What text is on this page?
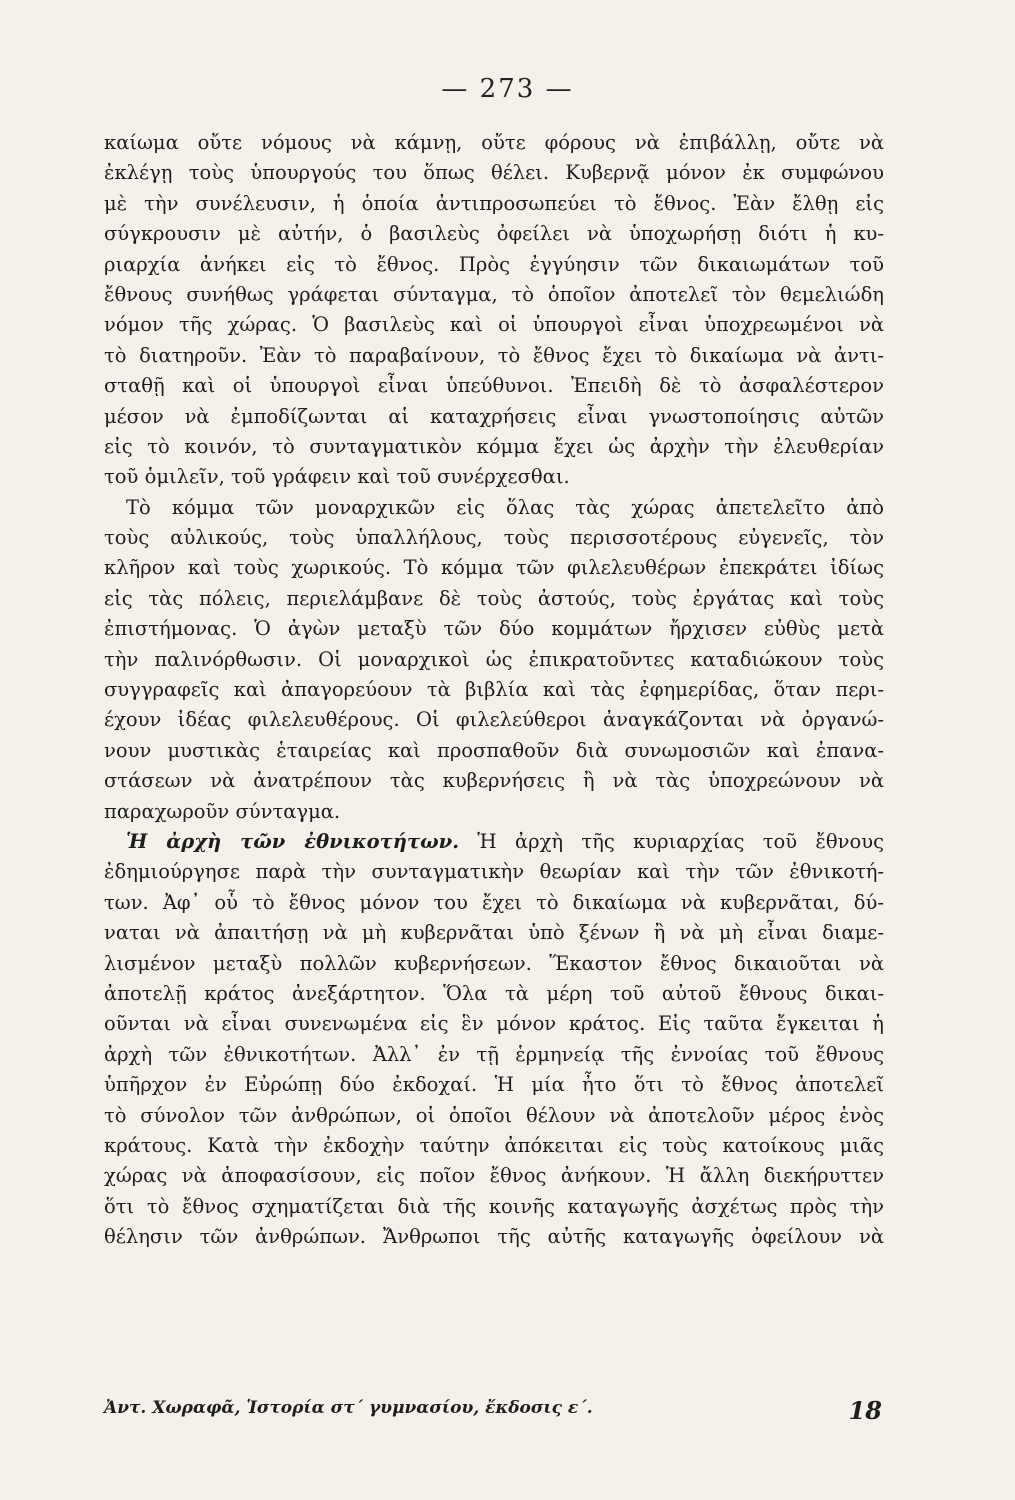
— 273 —
καίωμα οὔτε νόμους νὰ κάμνῃ, οὔτε φόρους νὰ ἐπιβάλλῃ, οὔτε νὰ
ἐκλέγῃ τοὺς ὑπουργούς του ὅπως θέλει. Κυβερνᾷ μόνον ἐκ συμφώνου
μὲ τὴν συνέλευσιν, ἡ ὁποία ἀντιπροσωπεύει τὸ ἔθνος. Ἐὰν ἔλθῃ εἰς
σύγκρουσιν μὲ αὐτήν, ὁ βασιλεὺς ὀφείλει νὰ ὑποχωρήσῃ διότι ἡ κυ-
ριαρχία ἀνήκει εἰς τὸ ἔθνος. Πρὸς ἐγγύησιν τῶν δικαιωμάτων τοῦ
ἔθνους συνήθως γράφεται σύνταγμα, τὸ ὁποῖον ἀποτελεῖ τὸν θεμελιώδη
νόμον τῆς χώρας. Ὁ βασιλεὺς καὶ οἱ ὑπουργοὶ εἶναι ὑποχρεωμένοι νὰ
τὸ διατηροῦν. Ἐὰν τὸ παραβαίνουν, τὸ ἔθνος ἔχει τὸ δικαίωμα νὰ ἀντι-
σταθῇ καὶ οἱ ὑπουργοὶ εἶναι ὑπεύθυνοι. Ἐπειδὴ δὲ τὸ ἀσφαλέστερον
μέσον νὰ ἐμποδίζωνται αἱ καταχρήσεις εἶναι γνωστοποίησις αὐτῶν
εἰς τὸ κοινόν, τὸ συνταγματικὸν κόμμα ἔχει ὡς ἀρχὴν τὴν ἐλευθερίαν
τοῦ ὁμιλεῖν, τοῦ γράφειν καὶ τοῦ συνέρχεσθαι.
Τὸ κόμμα τῶν μοναρχικῶν εἰς ὅλας τὰς χώρας ἀπετελεῖτο ἀπὸ
τοὺς αὐλικούς, τοὺς ὑπαλλήλους, τοὺς περισσοτέρους εὐγενεῖς, τὸν
κλῆρον καὶ τοὺς χωρικούς. Τὸ κόμμα τῶν φιλελευθέρων ἐπεκράτει ἰδίως
εἰς τὰς πόλεις, περιελάμβανε δὲ τοὺς ἀστούς, τοὺς ἐργάτας καὶ τοὺς
ἐπιστήμονας. Ὁ ἀγὼν μεταξὺ τῶν δύο κομμάτων ἤρχισεν εὐθὺς μετὰ
τὴν παλινόρθωσιν. Οἱ μοναρχικοὶ ὡς ἐπικρατοῦντες καταδιώκουν τοὺς
συγγραφεῖς καὶ ἀπαγορεύουν τὰ βιβλία καὶ τὰς ἐφημερίδας, ὅταν περι-
έχουν ἰδέας φιλελευθέρους. Οἱ φιλελεύθεροι ἀναγκάζονται νὰ ὀργανώ-
νουν μυστικὰς ἑταιρείας καὶ προσπαθοῦν διὰ συνωμοσιῶν καὶ ἐπανα-
στάσεων νὰ ἀνατρέπουν τὰς κυβερνήσεις ἢ νὰ τὰς ὑποχρεώνουν νὰ
παραχωροῦν σύνταγμα.
Ἡ ἀρχὴ τῶν ἐθνικοτήτων. Ἡ ἀρχὴ τῆς κυριαρχίας τοῦ ἔθνους
ἐδημιούργησε παρὰ τὴν συνταγματικὴν θεωρίαν καὶ τὴν τῶν ἐθνικοτή-
των. Ἀφ᾽ οὗ τὸ ἔθνος μόνον του ἔχει τὸ δικαίωμα νὰ κυβερνᾶται, δύ-
ναται νὰ ἀπαιτήσῃ νὰ μὴ κυβερνᾶται ὑπὸ ξένων ἢ νὰ μὴ εἶναι διαμε-
λισμένον μεταξὺ πολλῶν κυβερνήσεων. Ἕκαστον ἔθνος δικαιοῦται νὰ
ἀποτελῇ κράτος ἀνεξάρτητον. Ὅλα τὰ μέρη τοῦ αὐτοῦ ἔθνους δικαι-
οῦνται νὰ εἶναι συνενωμένα εἰς ἓν μόνον κράτος. Εἰς ταῦτα ἔγκειται ἡ
ἀρχὴ τῶν ἐθνικοτήτων. Ἀλλ᾽ ἐν τῇ ἑρμηνείᾳ τῆς ἐννοίας τοῦ ἔθνους
ὑπῆρχον ἐν Εὐρώπῃ δύο ἐκδοχαί. Ἡ μία ἦτο ὅτι τὸ ἔθνος ἀποτελεῖ
τὸ σύνολον τῶν ἀνθρώπων, οἱ ὁποῖοι θέλουν νὰ ἀποτελοῦν μέρος ἑνὸς
κράτους. Κατὰ τὴν ἐκδοχὴν ταύτην ἀπόκειται εἰς τοὺς κατοίκους μιᾶς
χώρας νὰ ἀποφασίσουν, εἰς ποῖον ἔθνος ἀνήκουν. Ἡ ἄλλη διεκήρυττεν
ὅτι τὸ ἔθνος σχηματίζεται διὰ τῆς κοινῆς καταγωγῆς ἀσχέτως πρὸς τὴν
θέλησιν τῶν ἀνθρώπων. Ἄνθρωποι τῆς αὐτῆς καταγωγῆς ὀφείλουν νὰ
Ἀντ. Χωραφᾶ, Ἱστορία στ´ γυμνασίου, ἔκδοσις ε´.	18
